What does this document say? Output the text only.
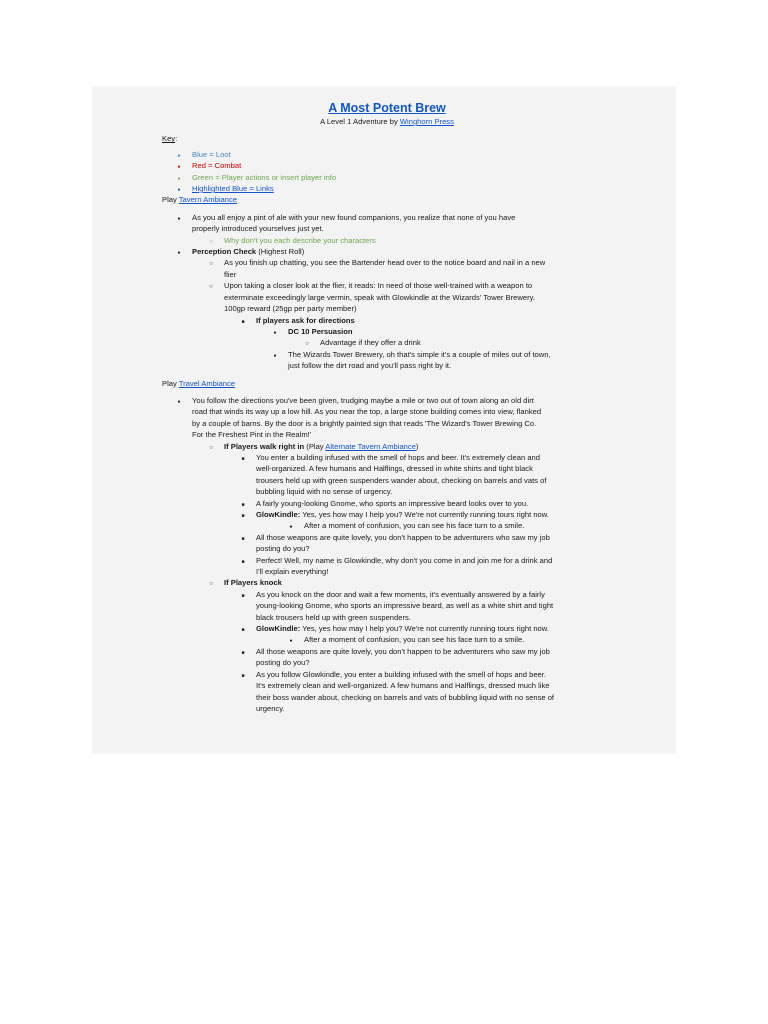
A Most Potent Brew
A Level 1 Adventure by Winghorn Press
Key:
●
Blue = Loot
●
Red = Combat
●
Green = Player actions or insert player info
●
Highlighted Blue = Links
Play Tavern Ambiance
●
As you all enjoy a pint of ale with your new found companions, you realize that none of you have
properly introduced yourselves just yet.
○
Why don't you each describe your characters
●
Perception Check (Highest Roll)
○
As you finish up chatting, you see the Bartender head over to the notice board and nail in a new
flier
○
Upon taking a closer look at the flier, it reads: In need of those well-trained with a weapon to
exterminate exceedingly large vermin, speak with Glowkindle at the Wizards' Tower Brewery.
100gp reward (25gp per party member)
■
If players ask for directions
●
DC 10 Persuasion
○
Advantage if they offer a drink
●
The Wizards Tower Brewery, oh that's simple it's a couple of miles out of town,
just follow the dirt road and you'll pass right by it.
Play Travel Ambiance
●
You follow the directions you've been given, trudging maybe a mile or two out of town along an old dirt
road that winds its way up a low hill. As you near the top, a large stone building comes into view, flanked
by a couple of barns. By the door is a brightly painted sign that reads 'The Wizard's Tower Brewing Co.
For the Freshest Pint in the Realm!'
○
If Players walk right in (Play Alternate Tavern Ambiance)
■
You enter a building infused with the smell of hops and beer. It's extremely clean and
well-organized. A few humans and Halflings, dressed in white shirts and tight black
trousers held up with green suspenders wander about, checking on barrels and vats of
bubbling liquid with no sense of urgency.
■
A fairly young-looking Gnome, who sports an impressive beard looks over to you.
■
GlowKindle: Yes, yes how may I help you? We're not currently running tours right now.
●
After a moment of confusion, you can see his face turn to a smile.
■
All those weapons are quite lovely, you don't happen to be adventurers who saw my job
posting do you?
■
Perfect! Well, my name is Glowkindle, why don't you come in and join me for a drink and
I'll explain everything!
○
If Players knock
■
As you knock on the door and wait a few moments, it's eventually answered by a fairly
young-looking Gnome, who sports an impressive beard, as well as a white shirt and tight
black trousers held up with green suspenders.
■
GlowKindle: Yes, yes how may I help you? We're not currently running tours right now.
●
After a moment of confusion, you can see his face turn to a smile.
■
All those weapons are quite lovely, you don't happen to be adventurers who saw my job
posting do you?
■
As you follow Glowkindle, you enter a building infused with the smell of hops and beer.
It's extremely clean and well-organized. A few humans and Halflings, dressed much like
their boss wander about, checking on barrels and vats of bubbling liquid with no sense of
urgency.
